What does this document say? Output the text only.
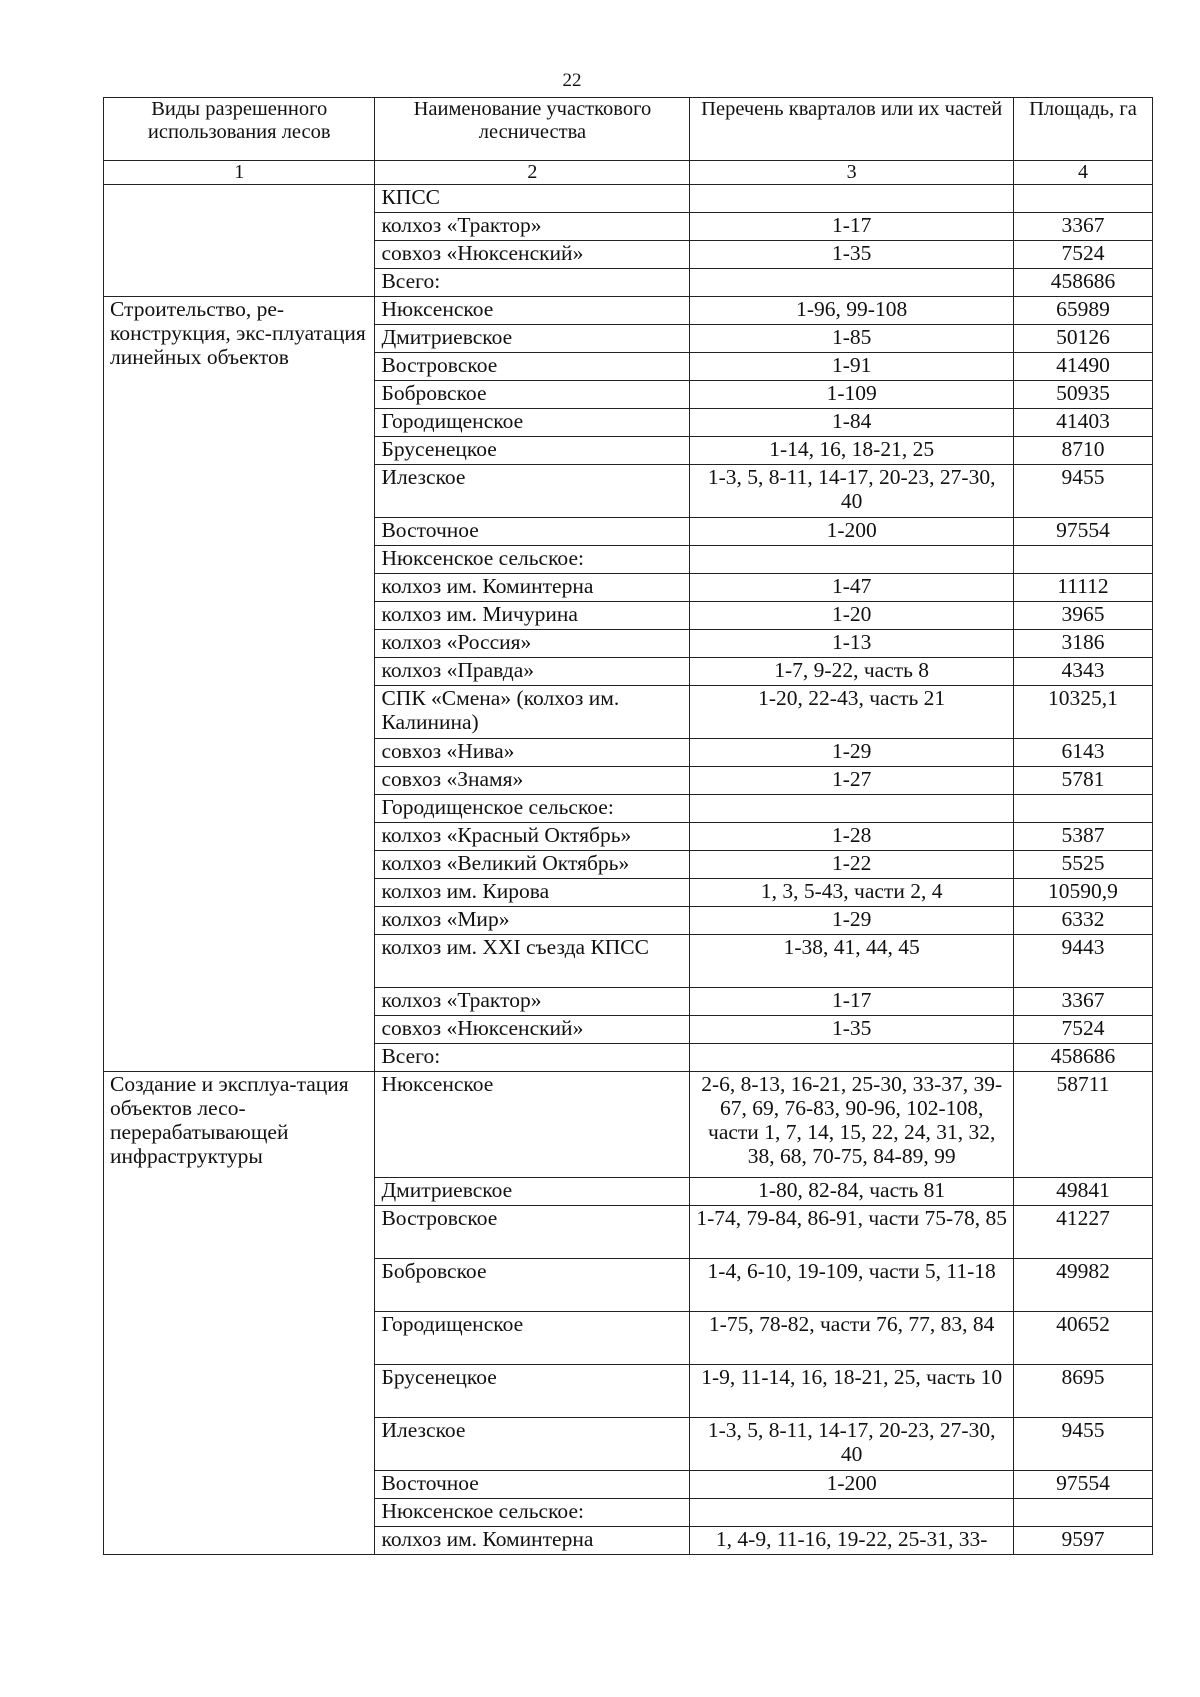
22
Виды разрешенного использования лесов	Наименование участкового лесничества	Перечень кварталов или их частей	Площадь, га
1	2	3	4
	КПСС		
	колхоз «Трактор»	1-17	3367
	совхоз «Нюксенский»	1-35	7524
	Всего:		458686
Строительство, ре-конструкция, экс-плуатация линейных объектов	Нюксенское	1-96, 99-108	65989
	Дмитриевское	1-85	50126
	Востровское	1-91	41490
	Бобровское	1-109	50935
	Городищенское	1-84	41403
	Брусенецкое	1-14, 16, 18-21, 25	8710
	Илезское	1-3, 5, 8-11, 14-17, 20-23, 27-30, 40	9455
	Восточное	1-200	97554
	Нюксенское сельское:		
	колхоз им. Коминтерна	1-47	11112
	колхоз им. Мичурина	1-20	3965
	колхоз «Россия»	1-13	3186
	колхоз «Правда»	1-7, 9-22, часть 8	4343
	СПК «Смена» (колхоз им. Калинина)	1-20, 22-43, часть 21	10325,1
	совхоз «Нива»	1-29	6143
	совхоз «Знамя»	1-27	5781
	Городищенское сельское:		
	колхоз «Красный Октябрь»	1-28	5387
	колхоз «Великий Октябрь»	1-22	5525
	колхоз им. Кирова	1, 3, 5-43, части 2, 4	10590,9
	колхоз «Мир»	1-29	6332
	колхоз им. XXI съезда КПСС	1-38, 41, 44, 45	9443
	колхоз «Трактор»	1-17	3367
	совхоз «Нюксенский»	1-35	7524
	Всего:		458686
Создание и эксплуа-тация объектов лесо-перерабатывающей инфраструктуры	Нюксенское	2-6, 8-13, 16-21, 25-30, 33-37, 39-67, 69, 76-83, 90-96, 102-108, части 1, 7, 14, 15, 22, 24, 31, 32, 38, 68, 70-75, 84-89, 99	58711
	Дмитриевское	1-80, 82-84, часть 81	49841
	Востровское	1-74, 79-84, 86-91, части 75-78, 85	41227
	Бобровское	1-4, 6-10, 19-109, части 5, 11-18	49982
	Городищенское	1-75, 78-82, части 76, 77, 83, 84	40652
	Брусенецкое	1-9, 11-14, 16, 18-21, 25, часть 10	8695
	Илезское	1-3, 5, 8-11, 14-17, 20-23, 27-30, 40	9455
	Восточное	1-200	97554
	Нюксенское сельское:		
	колхоз им. Коминтерна	1, 4-9, 11-16, 19-22, 25-31, 33-	9597
